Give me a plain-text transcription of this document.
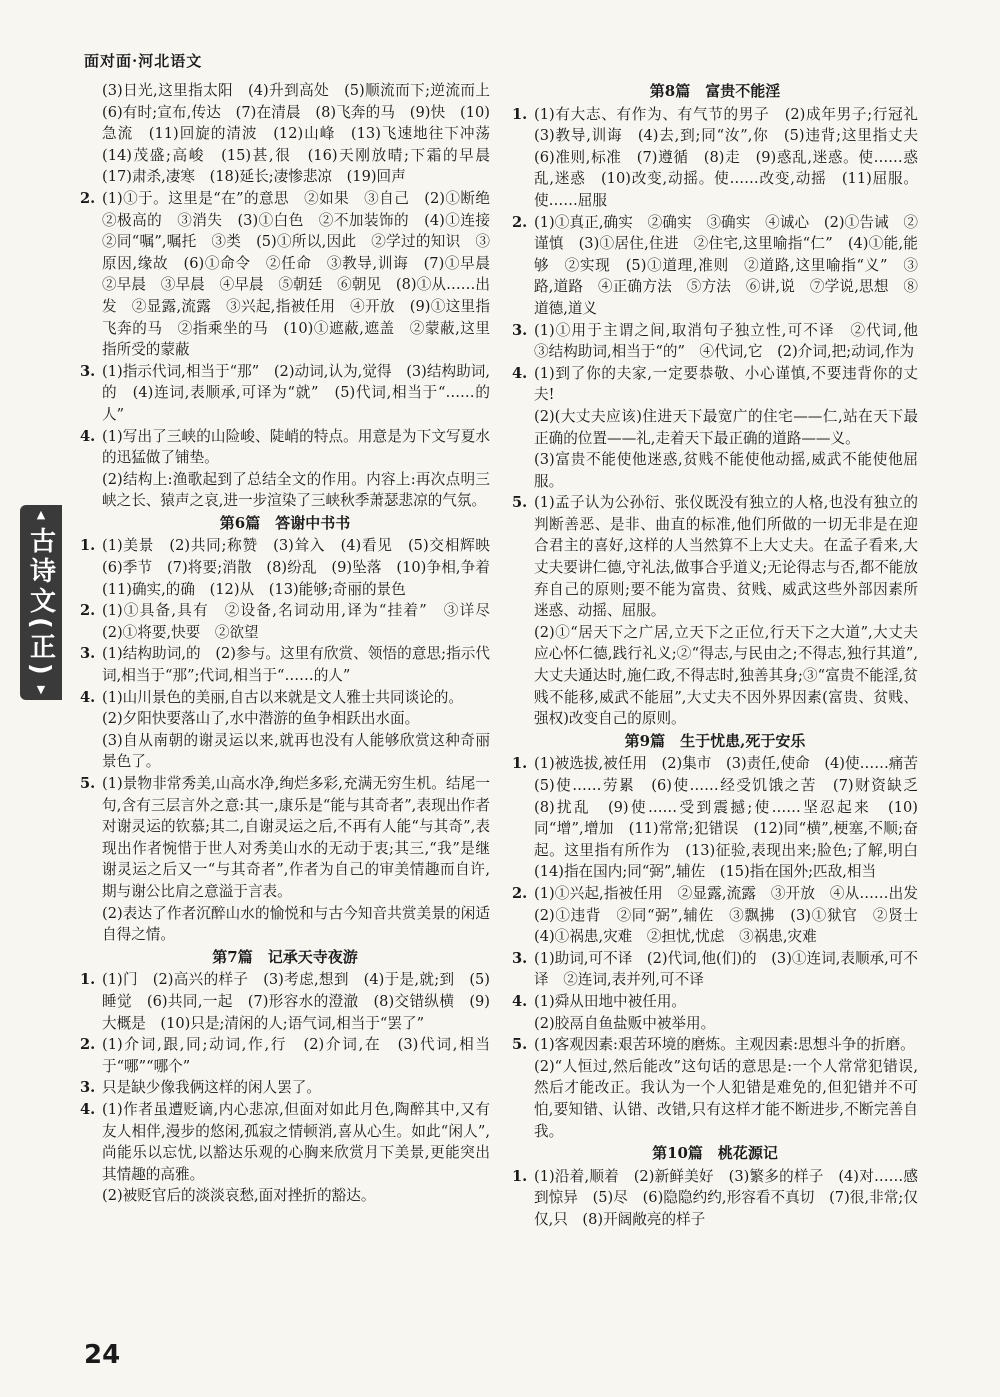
面对面·河北语文

(3)日光,这里指太阳　(4)升到高处　(5)顺流而下;逆流而上　(6)有时;宣布,传达　(7)在清晨　(8)飞奔的马　(9)快　(10)急流　(11)回旋的清波　(12)山峰　(13)飞速地往下冲荡　(14)茂盛;高峻　(15)甚,很　(16)天刚放晴;下霜的早晨　(17)肃杀,凄寒　(18)延长;凄惨悲凉　(19)回声

2. (1)①于。这里是“在”的意思　②如果　③自己　(2)①断绝　②极高的　③消失　(3)①白色　②不加装饰的　(4)①连接　②同“嘱”,嘱托　③类　(5)①所以,因此　②学过的知识　③原因,缘故　(6)①命令　②任命　③教导,训诲　(7)①早晨　②早晨　③早晨　④早晨　⑤朝廷　⑥朝见　(8)①从……出发　②显露,流露　③兴起,指被任用　④开放　(9)①这里指飞奔的马　②指乘坐的马　(10)①遮蔽,遮盖　②蒙蔽,这里指所受的蒙蔽

3. (1)指示代词,相当于“那”　(2)动词,认为,觉得　(3)结构助词,的　(4)连词,表顺承,可译为“就”　(5)代词,相当于“……的人”

4. (1)写出了三峡的山险峻、陡峭的特点。用意是为下文写夏水的迅猛做了铺垫。

(2)结构上:渔歌起到了总结全文的作用。内容上:再次点明三峡之长、猿声之哀,进一步渲染了三峡秋季萧瑟悲凉的气氛。

第6篇　答谢中书书
1. (1)美景　(2)共同;称赞　(3)耸入　(4)看见　(5)交相辉映　(6)季节　(7)将要;消散　(8)纷乱　(9)坠落　(10)争相,争着　(11)确实,的确　(12)从　(13)能够;奇丽的景色

2. (1)①具备,具有　②设备,名词动用,译为“挂着”　③详尽　(2)①将要,快要　②欲望

3. (1)结构助词,的　(2)参与。这里有欣赏、领悟的意思;指示代词,相当于“那”;代词,相当于“……的人”

4. (1)山川景色的美丽,自古以来就是文人雅士共同谈论的。

(2)夕阳快要落山了,水中潜游的鱼争相跃出水面。

(3)自从南朝的谢灵运以来,就再也没有人能够欣赏这种奇丽景色了。

5. (1)景物非常秀美,山高水净,绚烂多彩,充满无穷生机。结尾一句,含有三层言外之意:其一,康乐是“能与其奇者”,表现出作者对谢灵运的钦慕;其二,自谢灵运之后,不再有人能“与其奇”,表现出作者惋惜于世人对秀美山水的无动于衷;其三,“我”是继谢灵运之后又一“与其奇者”,作者为自己的审美情趣而自许,期与谢公比肩之意溢于言表。

(2)表达了作者沉醉山水的愉悦和与古今知音共赏美景的闲适自得之情。

第7篇　记承天寺夜游
1. (1)门　(2)高兴的样子　(3)考虑,想到　(4)于是,就;到　(5)睡觉　(6)共同,一起　(7)形容水的澄澈　(8)交错纵横　(9)大概是　(10)只是;清闲的人;语气词,相当于“罢了”

2. (1)介词,跟,同;动词,作,行　(2)介词,在　(3)代词,相当于“哪”“哪个”

3. 只是缺少像我俩这样的闲人罢了。

4. (1)作者虽遭贬谪,内心悲凉,但面对如此月色,陶醉其中,又有友人相伴,漫步的悠闲,孤寂之情顿消,喜从心生。如此“闲人”,尚能乐以忘忧,以豁达乐观的心胸来欣赏月下美景,更能突出其情趣的高雅。

(2)被贬官后的淡淡哀愁,面对挫折的豁达。

第8篇　富贵不能淫
1. (1)有大志、有作为、有气节的男子　(2)成年男子;行冠礼　(3)教导,训诲　(4)去,到;同“汝”,你　(5)违背;这里指丈夫　(6)准则,标准　(7)遵循　(8)走　(9)惑乱,迷惑。使……惑乱,迷惑　(10)改变,动摇。使……改变,动摇　(11)屈服。使……屈服

2. (1)①真正,确实　②确实　③确实　④诚心　(2)①告诫　②谨慎　(3)①居住,住进　②住宅,这里喻指“仁”　(4)①能,能够　②实现　(5)①道理,准则　②道路,这里喻指“义”　③路,道路　④正确方法　⑤方法　⑥讲,说　⑦学说,思想　⑧道德,道义

3. (1)①用于主谓之间,取消句子独立性,可不译　②代词,他　③结构助词,相当于“的”　④代词,它　(2)介词,把;动词,作为

4. (1)到了你的夫家,一定要恭敬、小心谨慎,不要违背你的丈夫!

(2)(大丈夫应该)住进天下最宽广的住宅——仁,站在天下最正确的位置——礼,走着天下最正确的道路——义。

(3)富贵不能使他迷惑,贫贱不能使他动摇,威武不能使他屈服。

5. (1)孟子认为公孙衍、张仪既没有独立的人格,也没有独立的判断善恶、是非、曲直的标准,他们所做的一切无非是在迎合君主的喜好,这样的人当然算不上大丈夫。在孟子看来,大丈夫要讲仁德,守礼法,做事合乎道义;无论得志与否,都不能放弃自己的原则;要不能为富贵、贫贱、威武这些外部因素所迷惑、动摇、屈服。

(2)①“居天下之广居,立天下之正位,行天下之大道”,大丈夫应心怀仁德,践行礼义;②“得志,与民由之;不得志,独行其道”,大丈夫通达时,施仁政,不得志时,独善其身;③“富贵不能淫,贫贱不能移,威武不能屈”,大丈夫不因外界因素(富贵、贫贱、强权)改变自己的原则。

第9篇　生于忧患,死于安乐
1. (1)被选拔,被任用　(2)集市　(3)责任,使命　(4)使……痛苦　(5)使……劳累　(6)使……经受饥饿之苦　(7)财资缺乏　(8)扰乱　(9)使……受到震撼;使……坚忍起来　(10)同“增”,增加　(11)常常;犯错误　(12)同“横”,梗塞,不顺;奋起。这里指有所作为　(13)征验,表现出来;脸色;了解,明白　(14)指在国内;同“弼”,辅佐　(15)指在国外;匹敌,相当

2. (1)①兴起,指被任用　②显露,流露　③开放　④从……出发　(2)①违背　②同“弼”,辅佐　③飘拂　(3)①狱官　②贤士　(4)①祸患,灾难　②担忧,忧虑　③祸患,灾难

3. (1)助词,可不译　(2)代词,他(们)的　(3)①连词,表顺承,可不译　②连词,表并列,可不译

4. (1)舜从田地中被任用。

(2)胶鬲自鱼盐贩中被举用。

5. (1)客观因素:艰苦环境的磨炼。主观因素:思想斗争的折磨。

(2)“人恒过,然后能改”这句话的意思是:一个人常常犯错误,然后才能改正。我认为一个人犯错是难免的,但犯错并不可怕,要知错、认错、改错,只有这样才能不断进步,不断完善自我。

第10篇　桃花源记
1. (1)沿着,顺着　(2)新鲜美好　(3)繁多的样子　(4)对……感到惊异　(5)尽　(6)隐隐约约,形容看不真切　(7)很,非常;仅仅,只　(8)开阔敞亮的样子

▲
古诗文(正)
▼
24
